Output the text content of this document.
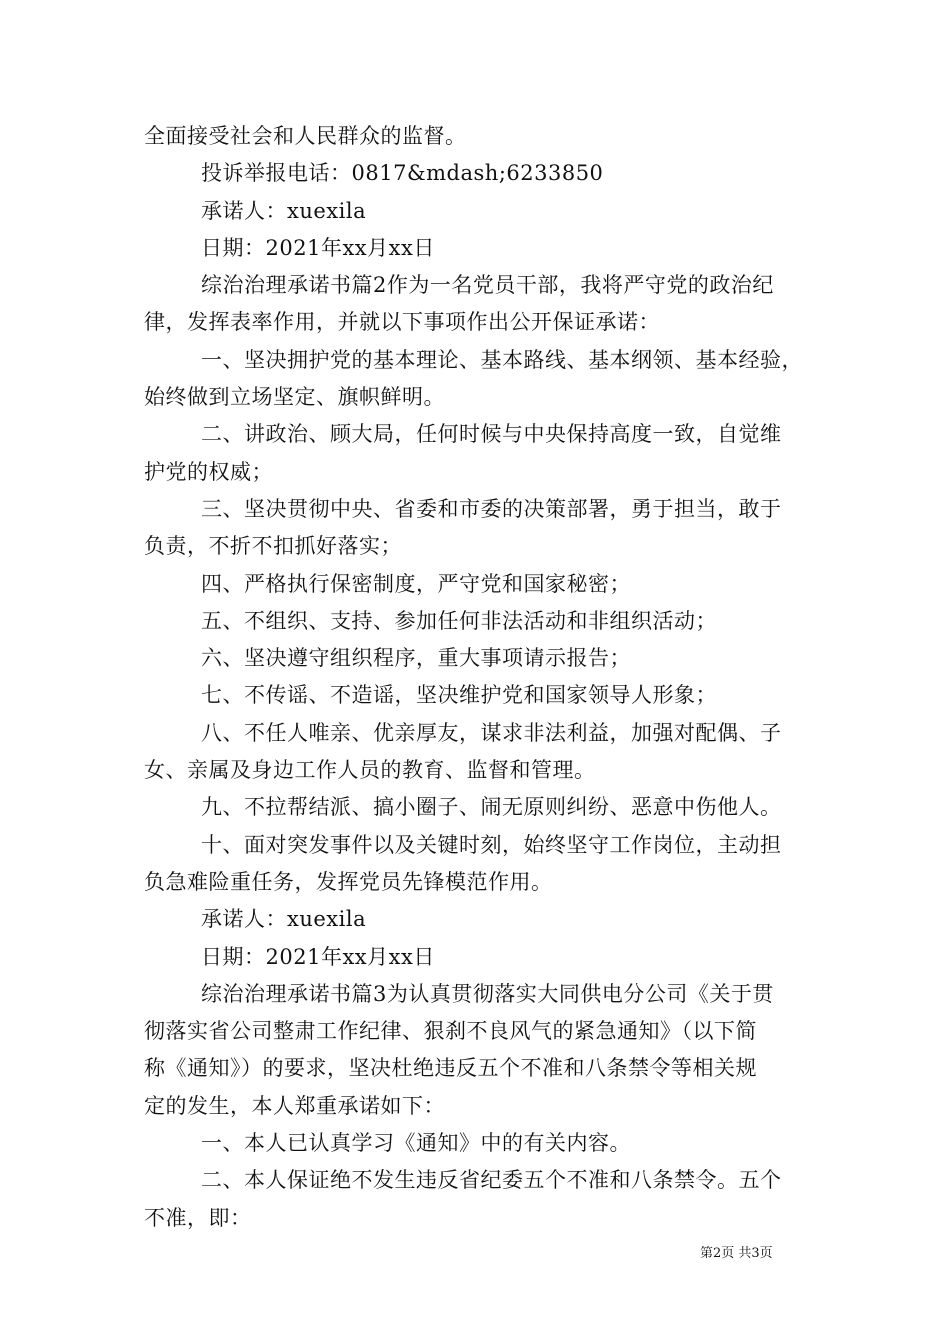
全面接受社会和人民群众的监督。
投诉举报电话：0817&mdash;6233850
承诺人：xuexila
日期：2021年xx月xx日
综治治理承诺书篇2作为一名党员干部，我将严守党的政治纪
律，发挥表率作用，并就以下事项作出公开保证承诺：
一、坚决拥护党的基本理论、基本路线、基本纲领、基本经验，
始终做到立场坚定、旗帜鲜明。
二、讲政治、顾大局，任何时候与中央保持高度一致，自觉维
护党的权威；
三、坚决贯彻中央、省委和市委的决策部署，勇于担当，敢于
负责，不折不扣抓好落实；
四、严格执行保密制度，严守党和国家秘密；
五、不组织、支持、参加任何非法活动和非组织活动；
六、坚决遵守组织程序，重大事项请示报告；
七、不传谣、不造谣，坚决维护党和国家领导人形象；
八、不任人唯亲、优亲厚友，谋求非法利益，加强对配偶、子
女、亲属及身边工作人员的教育、监督和管理。
九、不拉帮结派、搞小圈子、闹无原则纠纷、恶意中伤他人。
十、面对突发事件以及关键时刻，始终坚守工作岗位，主动担
负急难险重任务，发挥党员先锋模范作用。
承诺人：xuexila
日期：2021年xx月xx日
综治治理承诺书篇3为认真贯彻落实大同供电分公司《关于贯
彻落实省公司整肃工作纪律、狠刹不良风气的紧急通知》（以下简
称《通知》）的要求，坚决杜绝违反五个不准和八条禁令等相关规
定的发生，本人郑重承诺如下：
一、本人已认真学习《通知》中的有关内容。
二、本人保证绝不发生违反省纪委五个不准和八条禁令。五个
不准，即：
第2页 共3页
